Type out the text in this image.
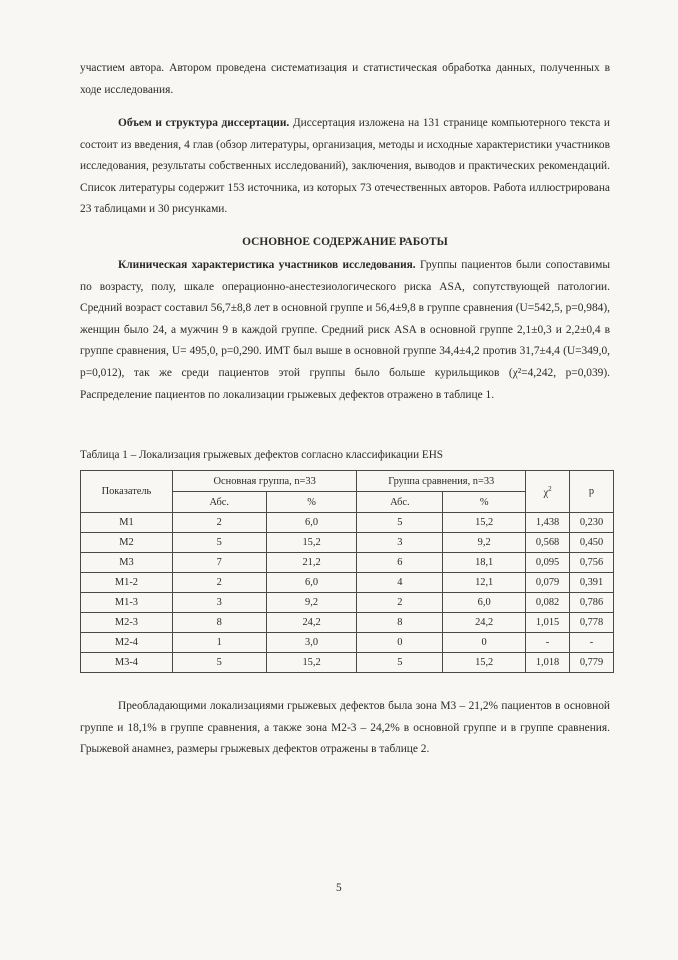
участием автора. Автором проведена систематизация и статистическая обработка данных, полученных в ходе исследования.

Объем и структура диссертации. Диссертация изложена на 131 странице компьютерного текста и состоит из введения, 4 глав (обзор литературы, организация, методы и исходные характеристики участников исследования, результаты собственных исследований), заключения, выводов и практических рекомендаций. Список литературы содержит 153 источника, из которых 73 отечественных авторов. Работа иллюстрирована 23 таблицами и 30 рисунками.

ОСНОВНОЕ СОДЕРЖАНИЕ РАБОТЫ

Клиническая характеристика участников исследования. Группы пациентов были сопоставимы по возрасту, полу, шкале операционно-анестезиологического риска ASA, сопутствующей патологии. Средний возраст составил 56,7±8,8 лет в основной группе и 56,4±9,8 в группе сравнения (U=542,5, p=0,984), женщин было 24, а мужчин 9 в каждой группе. Средний риск ASA в основной группе 2,1±0,3 и 2,2±0,4 в группе сравнения, U= 495,0, p=0,290. ИМТ был выше в основной группе 34,4±4,2 против 31,7±4,4 (U=349,0, p=0,012), так же среди пациентов этой группы было больше курильщиков (χ²=4,242, p=0,039). Распределение пациентов по локализации грыжевых дефектов отражено в таблице 1.

Таблица 1 – Локализация грыжевых дефектов согласно классификации EHS
Показатель	Основная группа, n=33		Группа сравнения, n=33		$\chi^2$	p
	Абс.	%	Абс.	%		
M1	2	6,0	5	15,2	1,438	0,230
M2	5	15,2	3	9,2	0,568	0,450
M3	7	21,2	6	18,1	0,095	0,756
M1-2	2	6,0	4	12,1	0,079	0,391
M1-3	3	9,2	2	6,0	0,082	0,786
M2-3	8	24,2	8	24,2	1,015	0,778
M2-4	1	3,0	0	0	-	-
M3-4	5	15,2	5	15,2	1,018	0,779

Преобладающими локализациями грыжевых дефектов была зона М3 – 21,2% пациентов в основной группе и 18,1% в группе сравнения, а также зона М2-3 – 24,2% в основной группе и в группе сравнения. Грыжевой анамнез, размеры грыжевых дефектов отражены в таблице 2.

5
